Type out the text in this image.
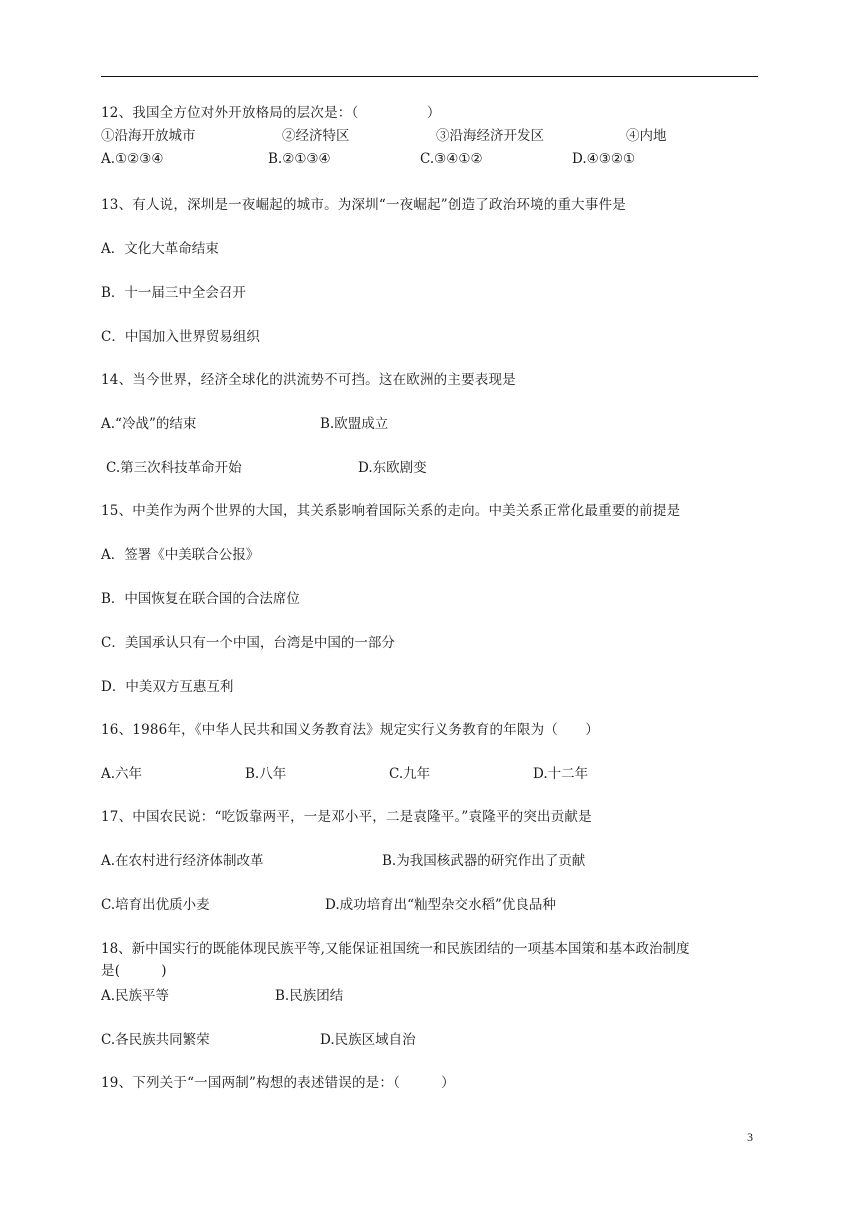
12、我国全方位对外开放格局的层次是：（　　　　　）
①沿海开放城市	②经济特区	③沿海经济开发区	④内地
A.①②③④	B.②①③④	C.③④①②	D.④③②①
13、有人说，深圳是一夜崛起的城市。为深圳“一夜崛起”创造了政治环境的重大事件是
A．文化大革命结束
B．十一届三中全会召开
C．中国加入世界贸易组织
14、当今世界，经济全球化的洪流势不可挡。这在欧洲的主要表现是
A.“冷战”的结束	B.欧盟成立
C.第三次科技革命开始	D.东欧剧变
15、中美作为两个世界的大国，其关系影响着国际关系的走向。中美关系正常化最重要的前提是
A．签署《中美联合公报》
B．中国恢复在联合国的合法席位
C．美国承认只有一个中国，台湾是中国的一部分
D．中美双方互惠互利
16、1986年，《中华人民共和国义务教育法》规定实行义务教育的年限为（　　）
A.六年	B.八年	C.九年	D.十二年
17、中国农民说：“吃饭靠两平，一是邓小平，二是袁隆平。”袁隆平的突出贡献是
A.在农村进行经济体制改革	B.为我国核武器的研究作出了贡献
C.培育出优质小麦	D.成功培育出“籼型杂交水稻”优良品种
18、新中国实行的既能体现民族平等,又能保证祖国统一和民族团结的一项基本国策和基本政治制度
是(　　　)
A.民族平等	B.民族团结
C.各民族共同繁荣	D.民族区域自治
19、下列关于“一国两制”构想的表述错误的是：（　　　）
3
